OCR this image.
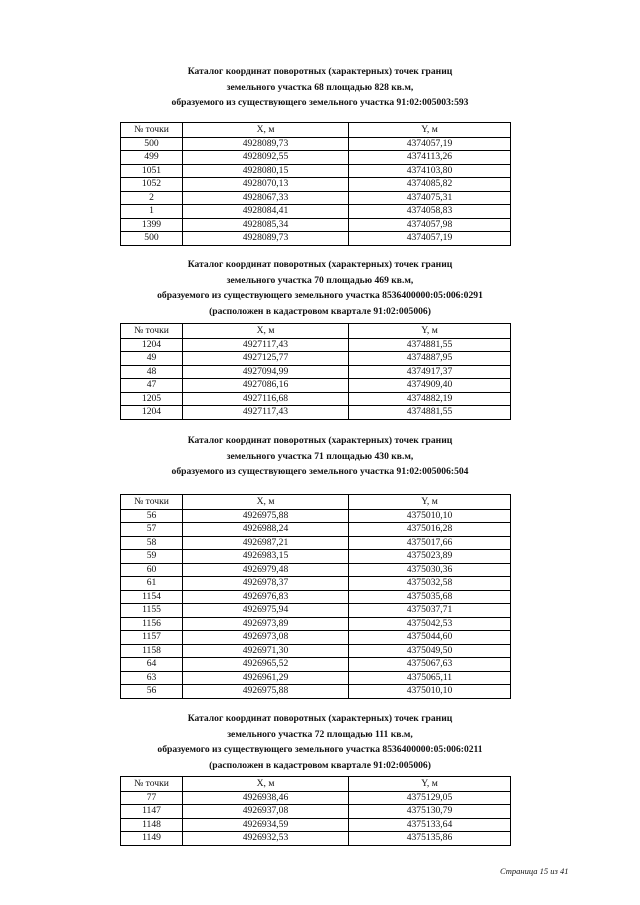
Каталог координат поворотных (характерных) точек границ
земельного участка 68 площадью 828 кв.м,
образуемого из существующего земельного участка 91:02:005003:593
№ точки	X, м	Y, м
500	4928089,73	4374057,19
499	4928092,55	4374113,26
1051	4928080,15	4374103,80
1052	4928070,13	4374085,82
2	4928067,33	4374075,31
1	4928084,41	4374058,83
1399	4928085,34	4374057,98
500	4928089,73	4374057,19
Каталог координат поворотных (характерных) точек границ
земельного участка 70 площадью 469 кв.м,
образуемого из существующего земельного участка 8536400000:05:006:0291
(расположен в кадастровом квартале 91:02:005006)
№ точки	X, м	Y, м
1204	4927117,43	4374881,55
49	4927125,77	4374887,95
48	4927094,99	4374917,37
47	4927086,16	4374909,40
1205	4927116,68	4374882,19
1204	4927117,43	4374881,55
Каталог координат поворотных (характерных) точек границ
земельного участка 71 площадью 430 кв.м,
образуемого из существующего земельного участка 91:02:005006:504
№ точки	X, м	Y, м
56	4926975,88	4375010,10
57	4926988,24	4375016,28
58	4926987,21	4375017,66
59	4926983,15	4375023,89
60	4926979,48	4375030,36
61	4926978,37	4375032,58
1154	4926976,83	4375035,68
1155	4926975,94	4375037,71
1156	4926973,89	4375042,53
1157	4926973,08	4375044,60
1158	4926971,30	4375049,50
64	4926965,52	4375067,63
63	4926961,29	4375065,11
56	4926975,88	4375010,10
Каталог координат поворотных (характерных) точек границ
земельного участка 72 площадью 111 кв.м,
образуемого из существующего земельного участка 8536400000:05:006:0211
(расположен в кадастровом квартале 91:02:005006)
№ точки	X, м	Y, м
77	4926938,46	4375129,05
1147	4926937,08	4375130,79
1148	4926934,59	4375133,64
1149	4926932,53	4375135,86
Страница 15 из 41
